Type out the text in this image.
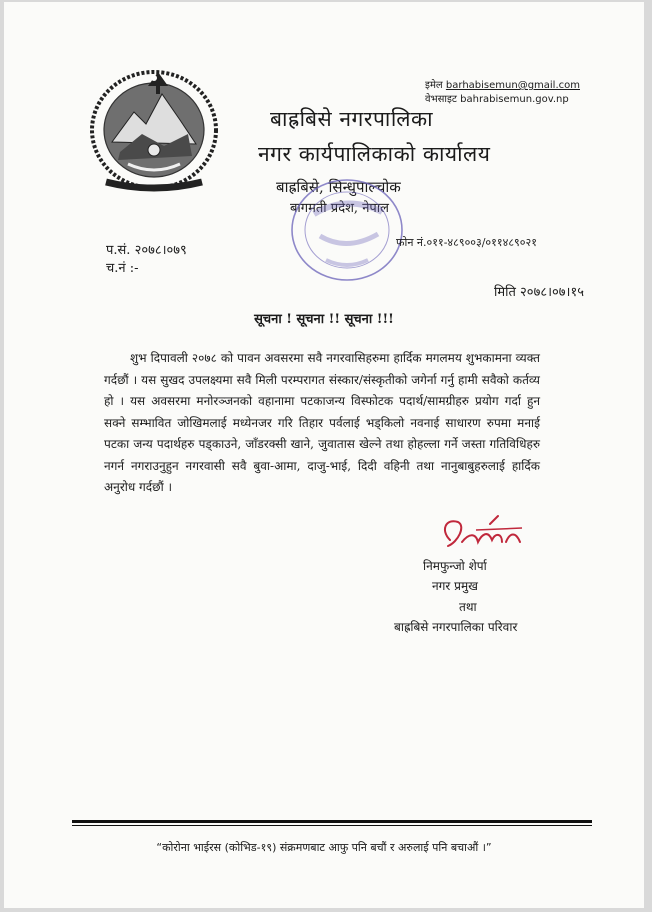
इमेल barhabisemun@gmail.com
वेभसाइट bahrabisemun.gov.np
बाह्रबिसे नगरपालिका
नगर कार्यपालिकाको कार्यालय
बाह्रबिसे, सिन्धुपाल्चोक
बागमती प्रदेश, नेपाल
प.सं. २०७८।०७९
च.नं :-
फोन नं.०११-४८९००३/०११४८९०२१
मिति २०७८।०७।१५
सूचना ! सूचना !! सूचना !!!
शुभ दिपावली २०७८ को पावन अवसरमा सवै नगरवासिहरुमा हार्दिक मगलमय शुभकामना व्यक्त गर्दछौं । यस सुखद उपलक्ष्यमा सवै मिली परम्परागत संस्कार/संस्कृतीको जगेर्ना गर्नु हामी सवैको कर्तव्य हो । यस अवसरमा मनोरञ्जनको वहानामा पटकाजन्य विस्फोटक पदार्थ/सामग्रीहरु प्रयोग गर्दा हुन सक्ने सम्भावित जोखिमलाई मध्येनजर गरि तिहार पर्वलाई भड्किलो नवनाई साधारण रुपमा मनाई पटका जन्य पदार्थहरु पड्काउने, जाँडरक्सी खाने, जुवातास खेल्ने तथा होहल्ला गर्ने जस्ता गतिविधिहरु नगर्न नगराउनुहुन नगरवासी सवै बुवा-आमा, दाजु-भाई, दिदी वहिनी तथा नानुबाबुहरुलाई हार्दिक अनुरोध गर्दछौं ।
निमफुन्जो शेर्पा
नगर प्रमुख
तथा
बाह्रबिसे नगरपालिका परिवार
“कोरोना भाईरस (कोभिड-१९) संक्रमणबाट आफु पनि बचौं र अरुलाई पनि बचाऔं ।”
